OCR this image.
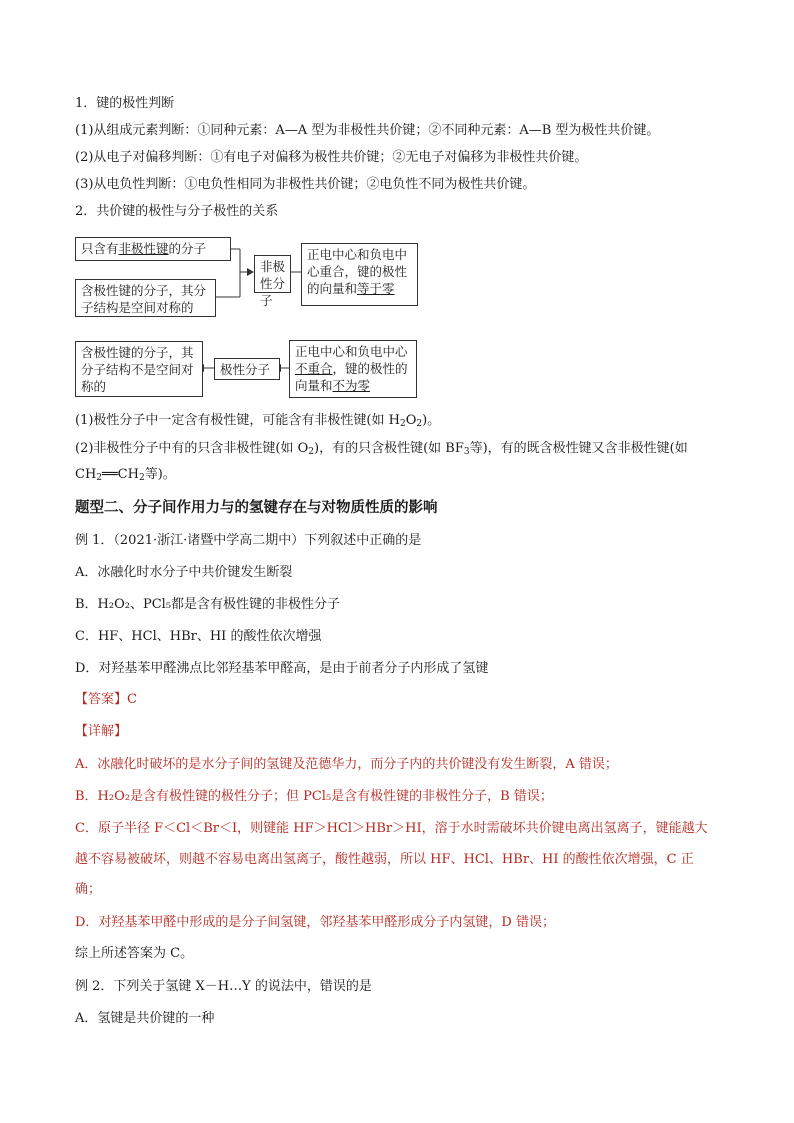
1．键的极性判断
(1)从组成元素判断：①同种元素：A—A 型为非极性共价键；②不同种元素：A—B 型为极性共价键。
(2)从电子对偏移判断：①有电子对偏移为极性共价键；②无电子对偏移为非极性共价键。
(3)从电负性判断：①电负性相同为非极性共价键；②电负性不同为极性共价键。
2．共价键的极性与分子极性的关系
只含有非极性键的分子
含极性键的分子，其分子结构是空间对称的
非极性分子
正电中心和负电中心重合，键的极性的向量和等于零
含极性键的分子，其分子结构不是空间对称的
极性分子
正电中心和负电中心不重合，键的极性的向量和不为零
(1)极性分子中一定含有极性键，可能含有非极性键(如 $H_2O_2$)。
(2)非极性分子中有的只含非极性键(如 $O_2$)，有的只含极性键(如 $BF_3$等)，有的既含极性键又含非极性键(如
$CH_2══CH_2$等)。
题型二、分子间作用力与的氢键存在与对物质性质的影响
例 1．（2021·浙江·诸暨中学高二期中）下列叙述中正确的是
A．冰融化时水分子中共价键发生断裂
B．H₂O₂、PCl₅都是含有极性键的非极性分子
C．HF、HCl、HBr、HI 的酸性依次增强
D．对羟基苯甲醛沸点比邻羟基苯甲醛高，是由于前者分子内形成了氢键
【答案】C
【详解】
A．冰融化时破坏的是水分子间的氢键及范德华力，而分子内的共价键没有发生断裂，A 错误；
B．H₂O₂是含有极性键的极性分子；但 PCl₅是含有极性键的非极性分子，B 错误；
C．原子半径 F＜Cl＜Br＜I，则键能 HF＞HCl＞HBr＞HI，溶于水时需破坏共价键电离出氢离子，键能越大
越不容易被破坏，则越不容易电离出氢离子，酸性越弱，所以 HF、HCl、HBr、HI 的酸性依次增强，C 正
确；
D．对羟基苯甲醛中形成的是分子间氢键，邻羟基苯甲醛形成分子内氢键，D 错误；
综上所述答案为 C。
例 2．下列关于氢键 X－H…Y 的说法中，错误的是
A．氢键是共价键的一种
